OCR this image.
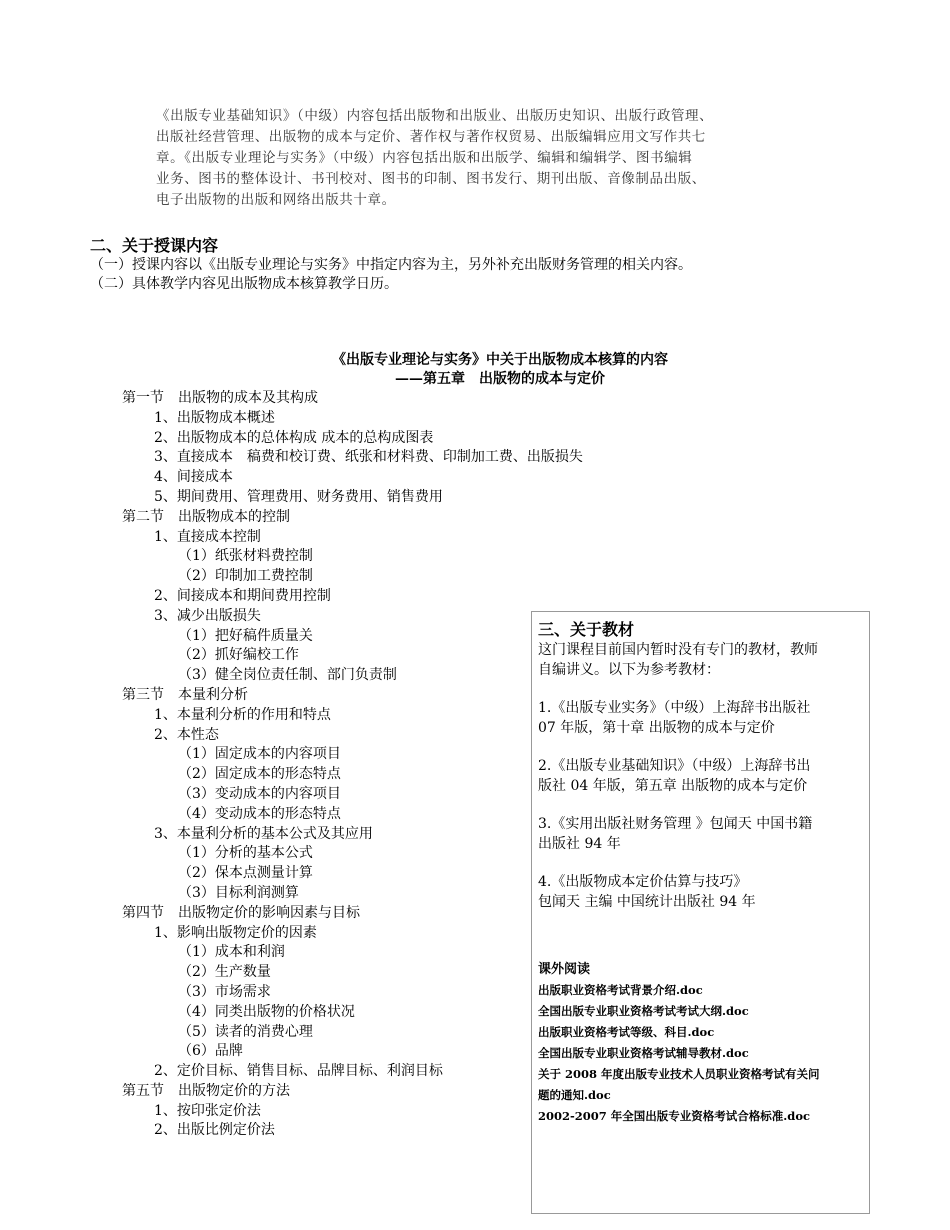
《出版专业基础知识》（中级）内容包括出版物和出版业、出版历史知识、出版行政管理、
出版社经营管理、出版物的成本与定价、著作权与著作权贸易、出版编辑应用文写作共七
章。《出版专业理论与实务》（中级）内容包括出版和出版学、编辑和编辑学、图书编辑
业务、图书的整体设计、书刊校对、图书的印制、图书发行、期刊出版、音像制品出版、
电子出版物的出版和网络出版共十章。
二、关于授课内容

（一）授课内容以《出版专业理论与实务》中指定内容为主，另外补充出版财务管理的相关内容。

（二）具体教学内容见出版物成本核算教学日历。

《出版专业理论与实务》中关于出版物成本核算的内容
——第五章　出版物的成本与定价
第一节　出版物的成本及其构成
1、出版物成本概述
2、出版物成本的总体构成 成本的总构成图表
3、直接成本　稿费和校订费、纸张和材料费、印制加工费、出版损失
4、间接成本
5、期间费用、管理费用、财务费用、销售费用
第二节　出版物成本的控制
1、直接成本控制
（1）纸张材料费控制
（2）印制加工费控制
2、间接成本和期间费用控制
3、减少出版损失
（1）把好稿件质量关
（2）抓好编校工作
（3）健全岗位责任制、部门负责制
第三节　本量利分析
1、本量利分析的作用和特点
2、本性态
（1）固定成本的内容项目
（2）固定成本的形态特点
（3）变动成本的内容项目
（4）变动成本的形态特点
3、本量利分析的基本公式及其应用
（1）分析的基本公式
（2）保本点测量计算
（3）目标利润测算
第四节　出版物定价的影响因素与目标
1、影响出版物定价的因素
（1）成本和利润
（2）生产数量
（3）市场需求
（4）同类出版物的价格状况
（5）读者的消费心理
（6）品牌
2、定价目标、销售目标、品牌目标、利润目标
第五节　出版物定价的方法
1、按印张定价法
2、出版比例定价法
三、关于教材

这门课程目前国内暂时没有专门的教材，教师

自编讲义。以下为参考教材：

1.《出版专业实务》（中级）上海辞书出版社

07 年版，第十章 出版物的成本与定价

2.《出版专业基础知识》（中级）上海辞书出

版社 04 年版，第五章 出版物的成本与定价

3.《实用出版社财务管理 》包闻天 中国书籍

出版社 94 年

4.《出版物成本定价估算与技巧》

包闻天 主编 中国统计出版社 94 年

课外阅读
出版职业资格考试背景介绍.doc
全国出版专业职业资格考试考试大纲.doc
出版职业资格考试等级、科目.doc
全国出版专业职业资格考试辅导教材.doc
关于 2008 年度出版专业技术人员职业资格考试有关问
题的通知.doc
2002-2007 年全国出版专业资格考试合格标准.doc
